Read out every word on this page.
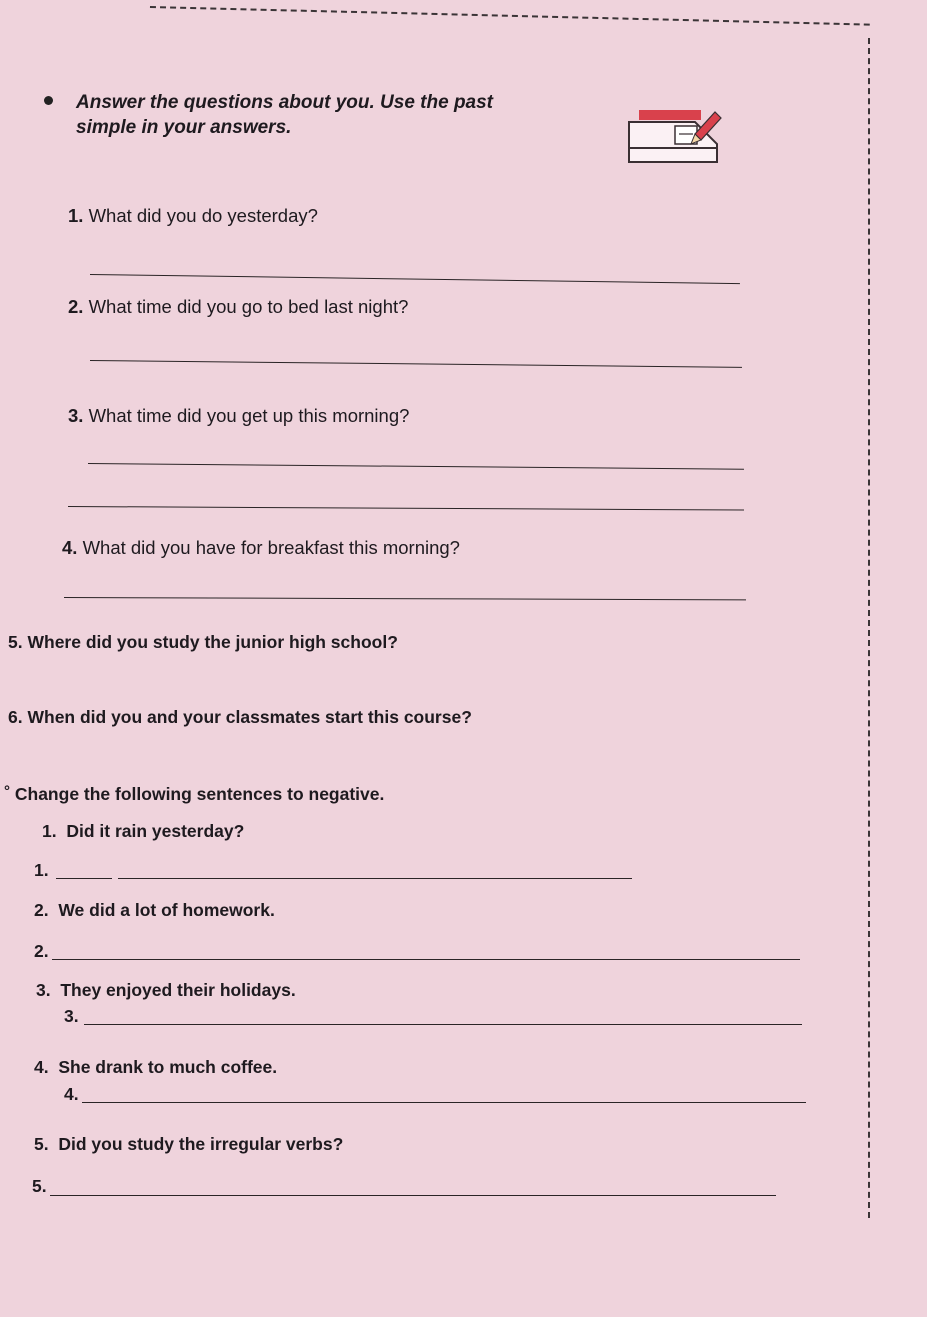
Answer the questions about you. Use the past
simple in your answers.
1. What did you do yesterday?
2. What time did you go to bed last night?
3. What time did you get up this morning?
4. What did you have for breakfast this morning?
5. Where did you study the junior high school?
6. When did you and your classmates start this course?
° Change the following sentences to negative.
1. Did it rain yesterday?
1.
2. We did a lot of homework.
2.
3. They enjoyed their holidays.
3.
4. She drank to much coffee.
4.
5. Did you study the irregular verbs?
5.
